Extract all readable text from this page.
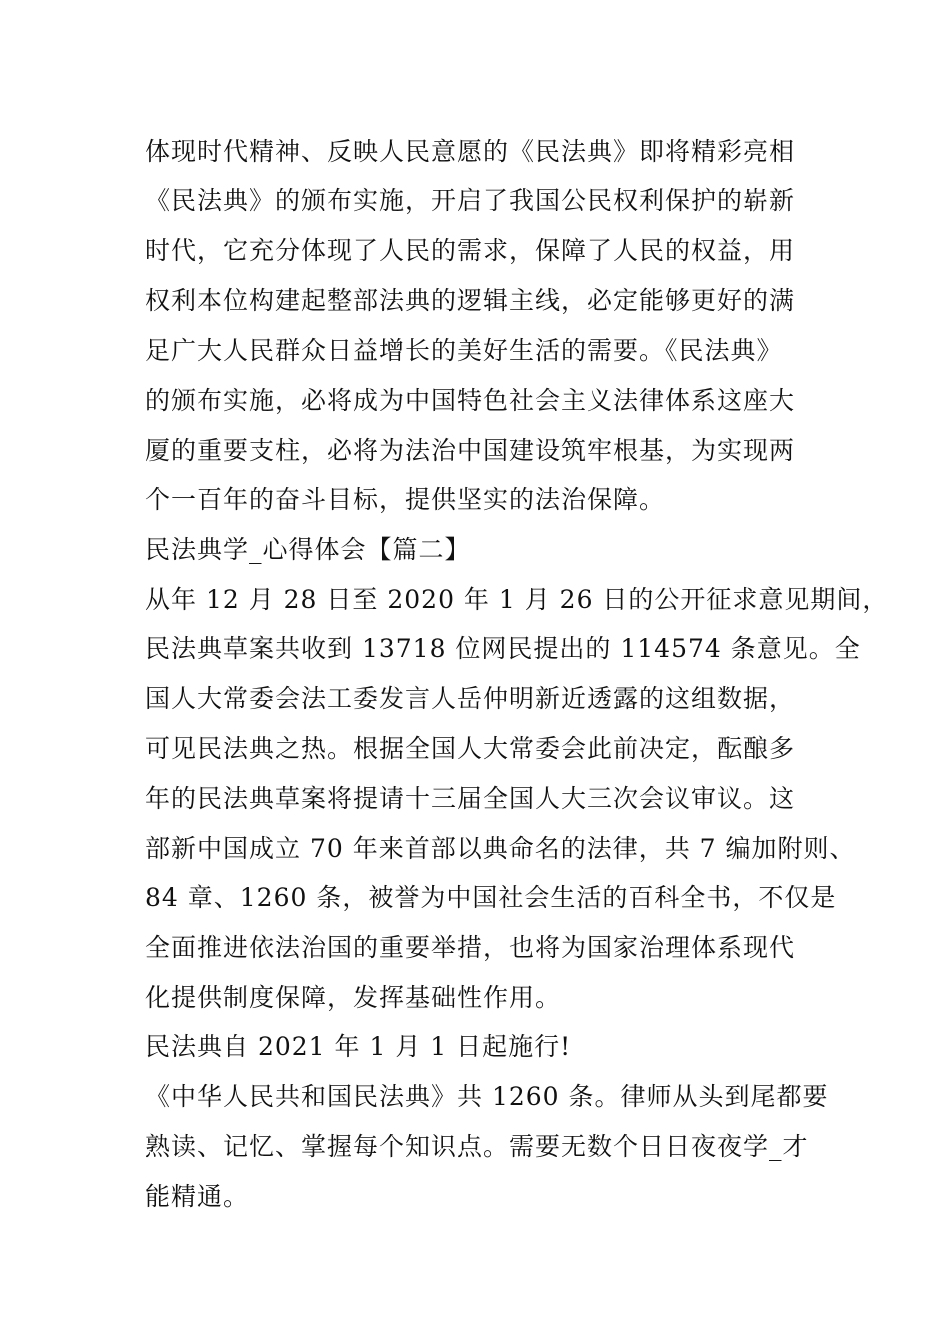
体现时代精神、反映人民意愿的《民法典》即将精彩亮相
《民法典》的颁布实施，开启了我国公民权利保护的崭新
时代，它充分体现了人民的需求，保障了人民的权益，用
权利本位构建起整部法典的逻辑主线，必定能够更好的满
足广大人民群众日益增长的美好生活的需要。《民法典》
的颁布实施，必将成为中国特色社会主义法律体系这座大
厦的重要支柱，必将为法治中国建设筑牢根基，为实现两
个一百年的奋斗目标，提供坚实的法治保障。
民法典学_心得体会【篇二】
从年 12 月 28 日至 2020 年 1 月 26 日的公开征求意见期间，
民法典草案共收到 13718 位网民提出的 114574 条意见。全
国人大常委会法工委发言人岳仲明新近透露的这组数据，
可见民法典之热。根据全国人大常委会此前决定，酝酿多
年的民法典草案将提请十三届全国人大三次会议审议。这
部新中国成立 70 年来首部以典命名的法律，共 7 编加附则、
84 章、1260 条，被誉为中国社会生活的百科全书，不仅是
全面推进依法治国的重要举措，也将为国家治理体系现代
化提供制度保障，发挥基础性作用。
民法典自 2021 年 1 月 1 日起施行!
《中华人民共和国民法典》共 1260 条。律师从头到尾都要
熟读、记忆、掌握每个知识点。需要无数个日日夜夜学_才
能精通。
